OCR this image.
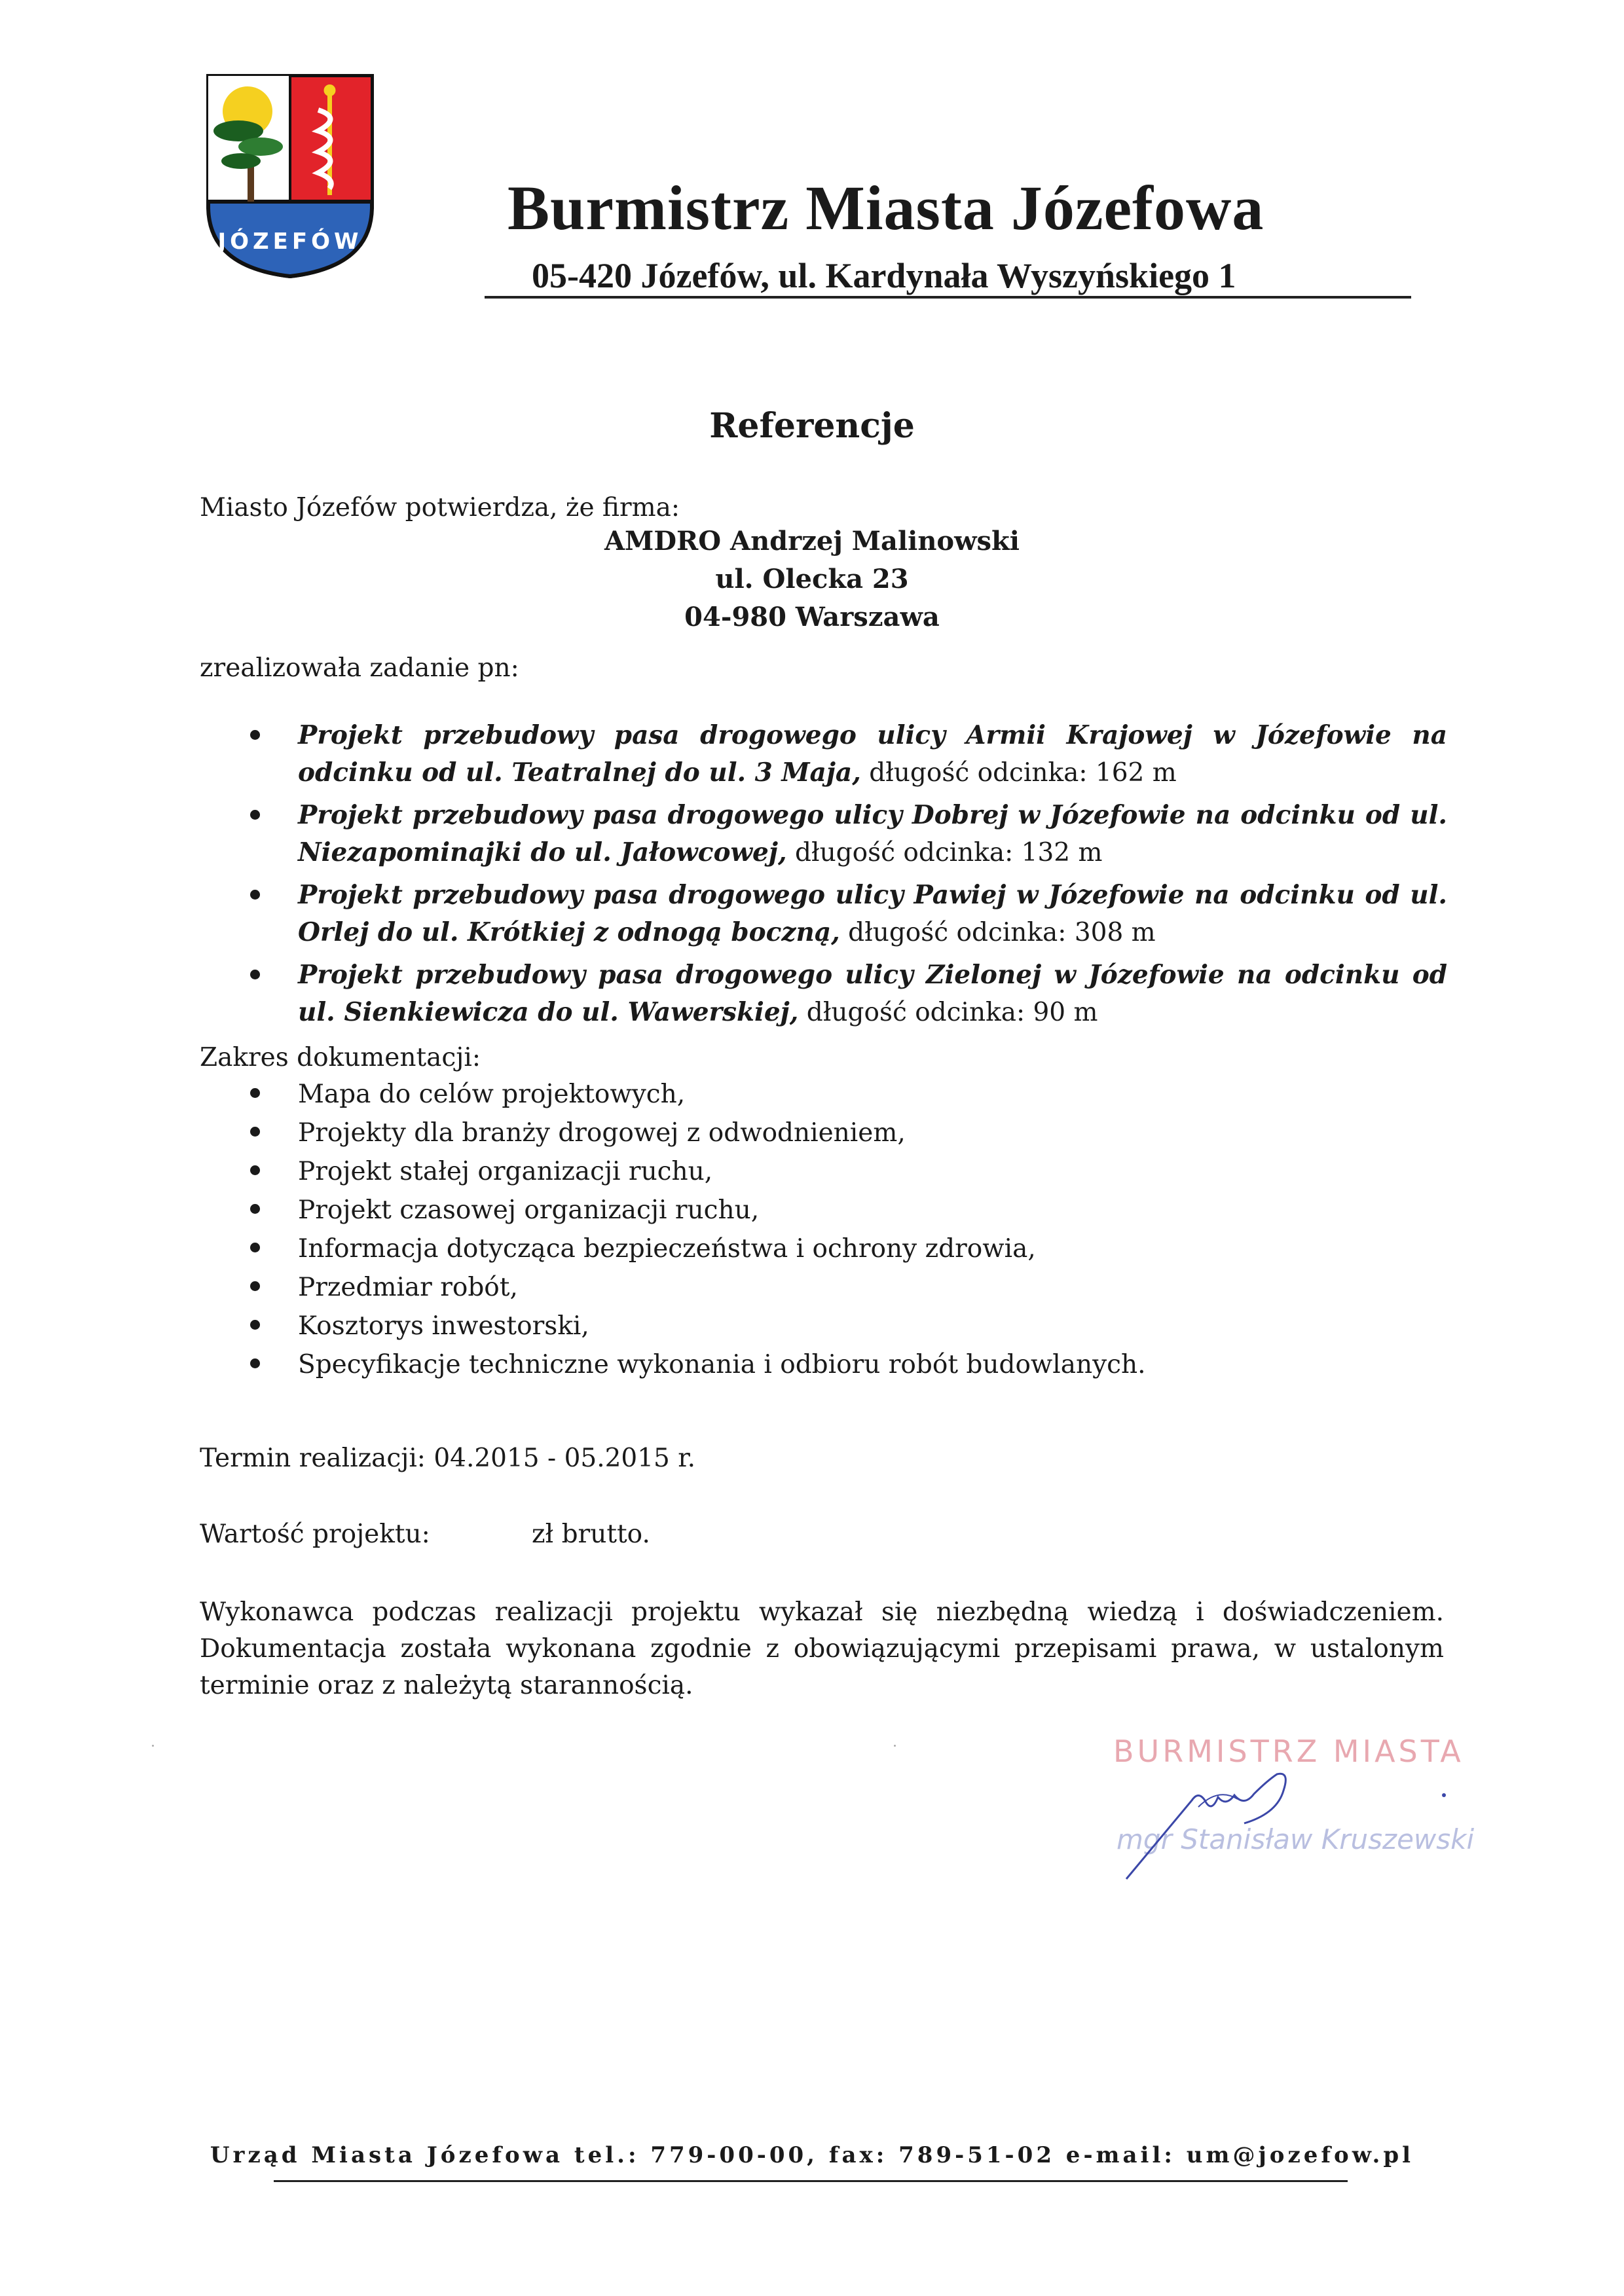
JÓZEFÓW Burmistrz Miasta Józefowa
05-420 Józefów, ul. Kardynała Wyszyńskiego 1
Referencje
Miasto Józefów potwierdza, że firma:
AMDRO Andrzej Malinowski
ul. Olecka 23
04-980 Warszawa
zrealizowała zadanie pn:
Projekt przebudowy pasa drogowego ulicy Armii Krajowej w Józefowie na odcinku od ul. Teatralnej do ul. 3 Maja, długość odcinka: 162 m
Projekt przebudowy pasa drogowego ulicy Dobrej w Józefowie na odcinku od ul. Niezapominajki do ul. Jałowcowej, długość odcinka: 132 m
Projekt przebudowy pasa drogowego ulicy Pawiej w Józefowie na odcinku od ul. Orlej do ul. Krótkiej z odnogą boczną, długość odcinka: 308 m
Projekt przebudowy pasa drogowego ulicy Zielonej w Józefowie na odcinku od ul. Sienkiewicza do ul. Wawerskiej, długość odcinka: 90 m
Zakres dokumentacji:
Mapa do celów projektowych,
Projekty dla branży drogowej z odwodnieniem,
Projekt stałej organizacji ruchu,
Projekt czasowej organizacji ruchu,
Informacja dotycząca bezpieczeństwa i ochrony zdrowia,
Przedmiar robót,
Kosztorys inwestorski,
Specyfikacje techniczne wykonania i odbioru robót budowlanych.
Termin realizacji: 04.2015 - 05.2015 r.
Wartość projektu:	zł brutto.
Wykonawca podczas realizacji projektu wykazał się niezbędną wiedzą i doświadczeniem. Dokumentacja została wykonana zgodnie z obowiązującymi przepisami prawa, w ustalonym terminie oraz z należytą starannością.
BURMISTRZ MIASTA
mgr Stanisław Kruszewski
Urząd Miasta Józefowa tel.: 779-00-00, fax: 789-51-02 e-mail: um@jozefow.pl
